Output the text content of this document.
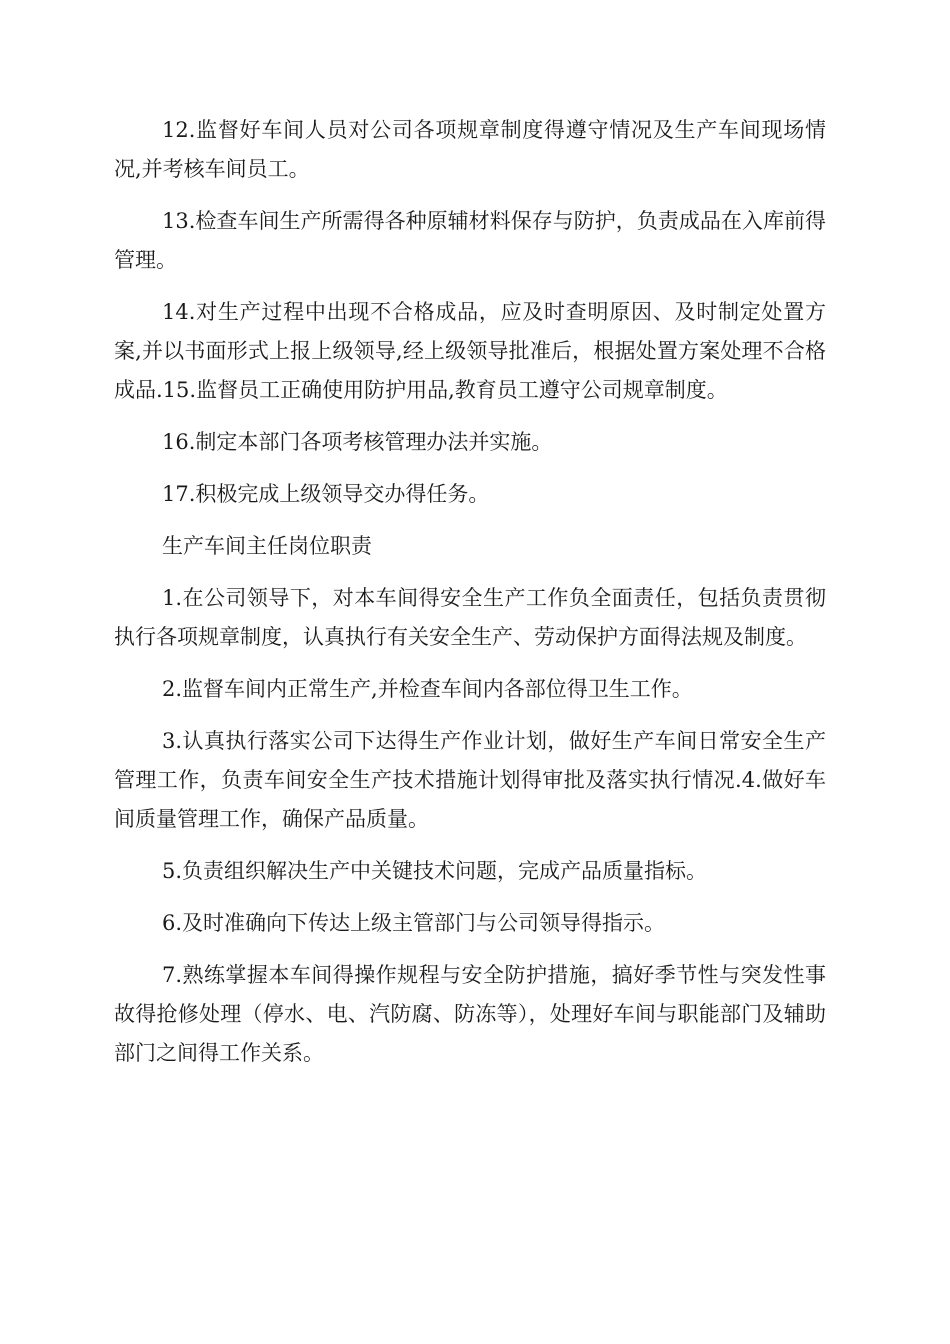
12.监督好车间人员对公司各项规章制度得遵守情况及生产车间现场情况,并考核车间员工。

13.检查车间生产所需得各种原辅材料保存与防护，负责成品在入库前得管理。

14.对生产过程中出现不合格成品，应及时查明原因、及时制定处置方案,并以书面形式上报上级领导,经上级领导批准后，根据处置方案处理不合格成品.15.监督员工正确使用防护用品,教育员工遵守公司规章制度。

16.制定本部门各项考核管理办法并实施。

17.积极完成上级领导交办得任务。

生产车间主任岗位职责

1.在公司领导下，对本车间得安全生产工作负全面责任，包括负责贯彻执行各项规章制度，认真执行有关安全生产、劳动保护方面得法规及制度。

2.监督车间内正常生产,并检查车间内各部位得卫生工作。

3.认真执行落实公司下达得生产作业计划，做好生产车间日常安全生产管理工作，负责车间安全生产技术措施计划得审批及落实执行情况.4.做好车间质量管理工作，确保产品质量。

5.负责组织解决生产中关键技术问题，完成产品质量指标。

6.及时准确向下传达上级主管部门与公司领导得指示。

7.熟练掌握本车间得操作规程与安全防护措施，搞好季节性与突发性事故得抢修处理（停水、电、汽防腐、防冻等），处理好车间与职能部门及辅助部门之间得工作关系。
